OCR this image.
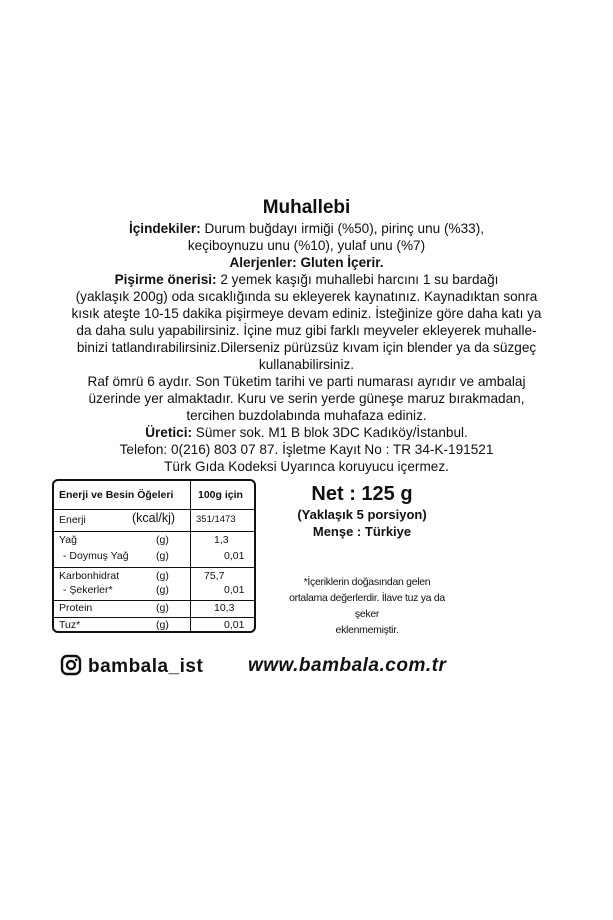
Muhallebi
İçindekiler: Durum buğdayı irmiği (%50), pirinç unu (%33),
keçiboynuzu unu (%10), yulaf unu (%7)
Alerjenler: Gluten İçerir.
Pişirme önerisi: 2 yemek kaşığı muhallebi harcını 1 su bardağı
(yaklaşık 200g) oda sıcaklığında su ekleyerek kaynatınız. Kaynadıktan sonra
kısık ateşte 10-15 dakika pişirmeye devam ediniz. İsteğinize göre daha katı ya
da daha sulu yapabilirsiniz. İçine muz gibi farklı meyveler ekleyerek muhalle-
binizi tatlandırabilirsiniz.Dilerseniz pürüzsüz kıvam için blender ya da süzgeç
kullanabilirsiniz.
Raf ömrü 6 aydır. Son Tüketim tarihi ve parti numarası ayrıdır ve ambalaj
üzerinde yer almaktadır. Kuru ve serin yerde güneşe maruz bırakmadan,
tercihen buzdolabında muhafaza ediniz.
Üretici: Sümer sok. M1 B blok 3DC Kadıköy/İstanbul.
Telefon: 0(216) 803 07 87. İşletme Kayıt No : TR 34-K-191521
Türk Gıda Kodeksi Uyarınca koruyucu içermez.
Enerji ve Besin Öğeleri 100g için
Enerji	(kcal/kj) 351/1473
Yağ	(g)	1,3
- Doymuş Yağ	(g)	0,01
Karbonhidrat	(g)	75,7
- Şekerler*	(g)	0,01
Protein	(g)	10,3
Tuz*	(g)	0,01
Net : 125 g
(Yaklaşık 5 porsiyon)
Menşe : Türkiye
*İçeriklerin doğasından gelen
ortalama değerlerdir. İlave tuz ya da şeker
eklenmemiştir.
bambala_ist www.bambala.com.tr
